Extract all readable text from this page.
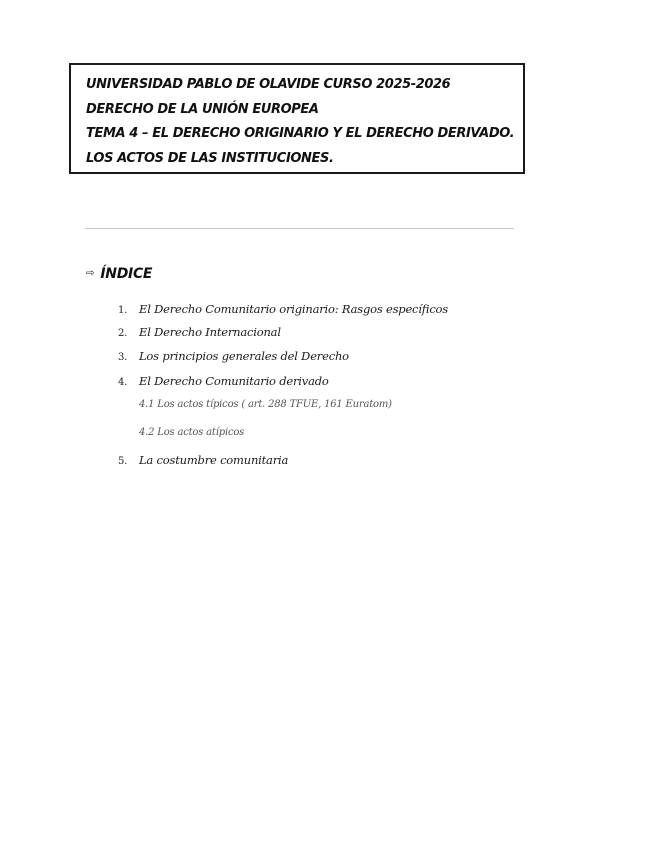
UNIVERSIDAD PABLO DE OLAVIDE CURSO 2025-2026
DERECHO DE LA UNIÓN EUROPEA
TEMA 4 – EL DERECHO ORIGINARIO Y EL DERECHO DERIVADO.
LOS ACTOS DE LAS INSTITUCIONES.
⇨ ÍNDICE
1. El Derecho Comunitario originario: Rasgos específicos
2. El Derecho Internacional
3. Los principios generales del Derecho
4. El Derecho Comunitario derivado
4.1 Los actos típicos ( art. 288 TFUE, 161 Euratom)
4.2 Los actos atípicos
5. La costumbre comunitaria
